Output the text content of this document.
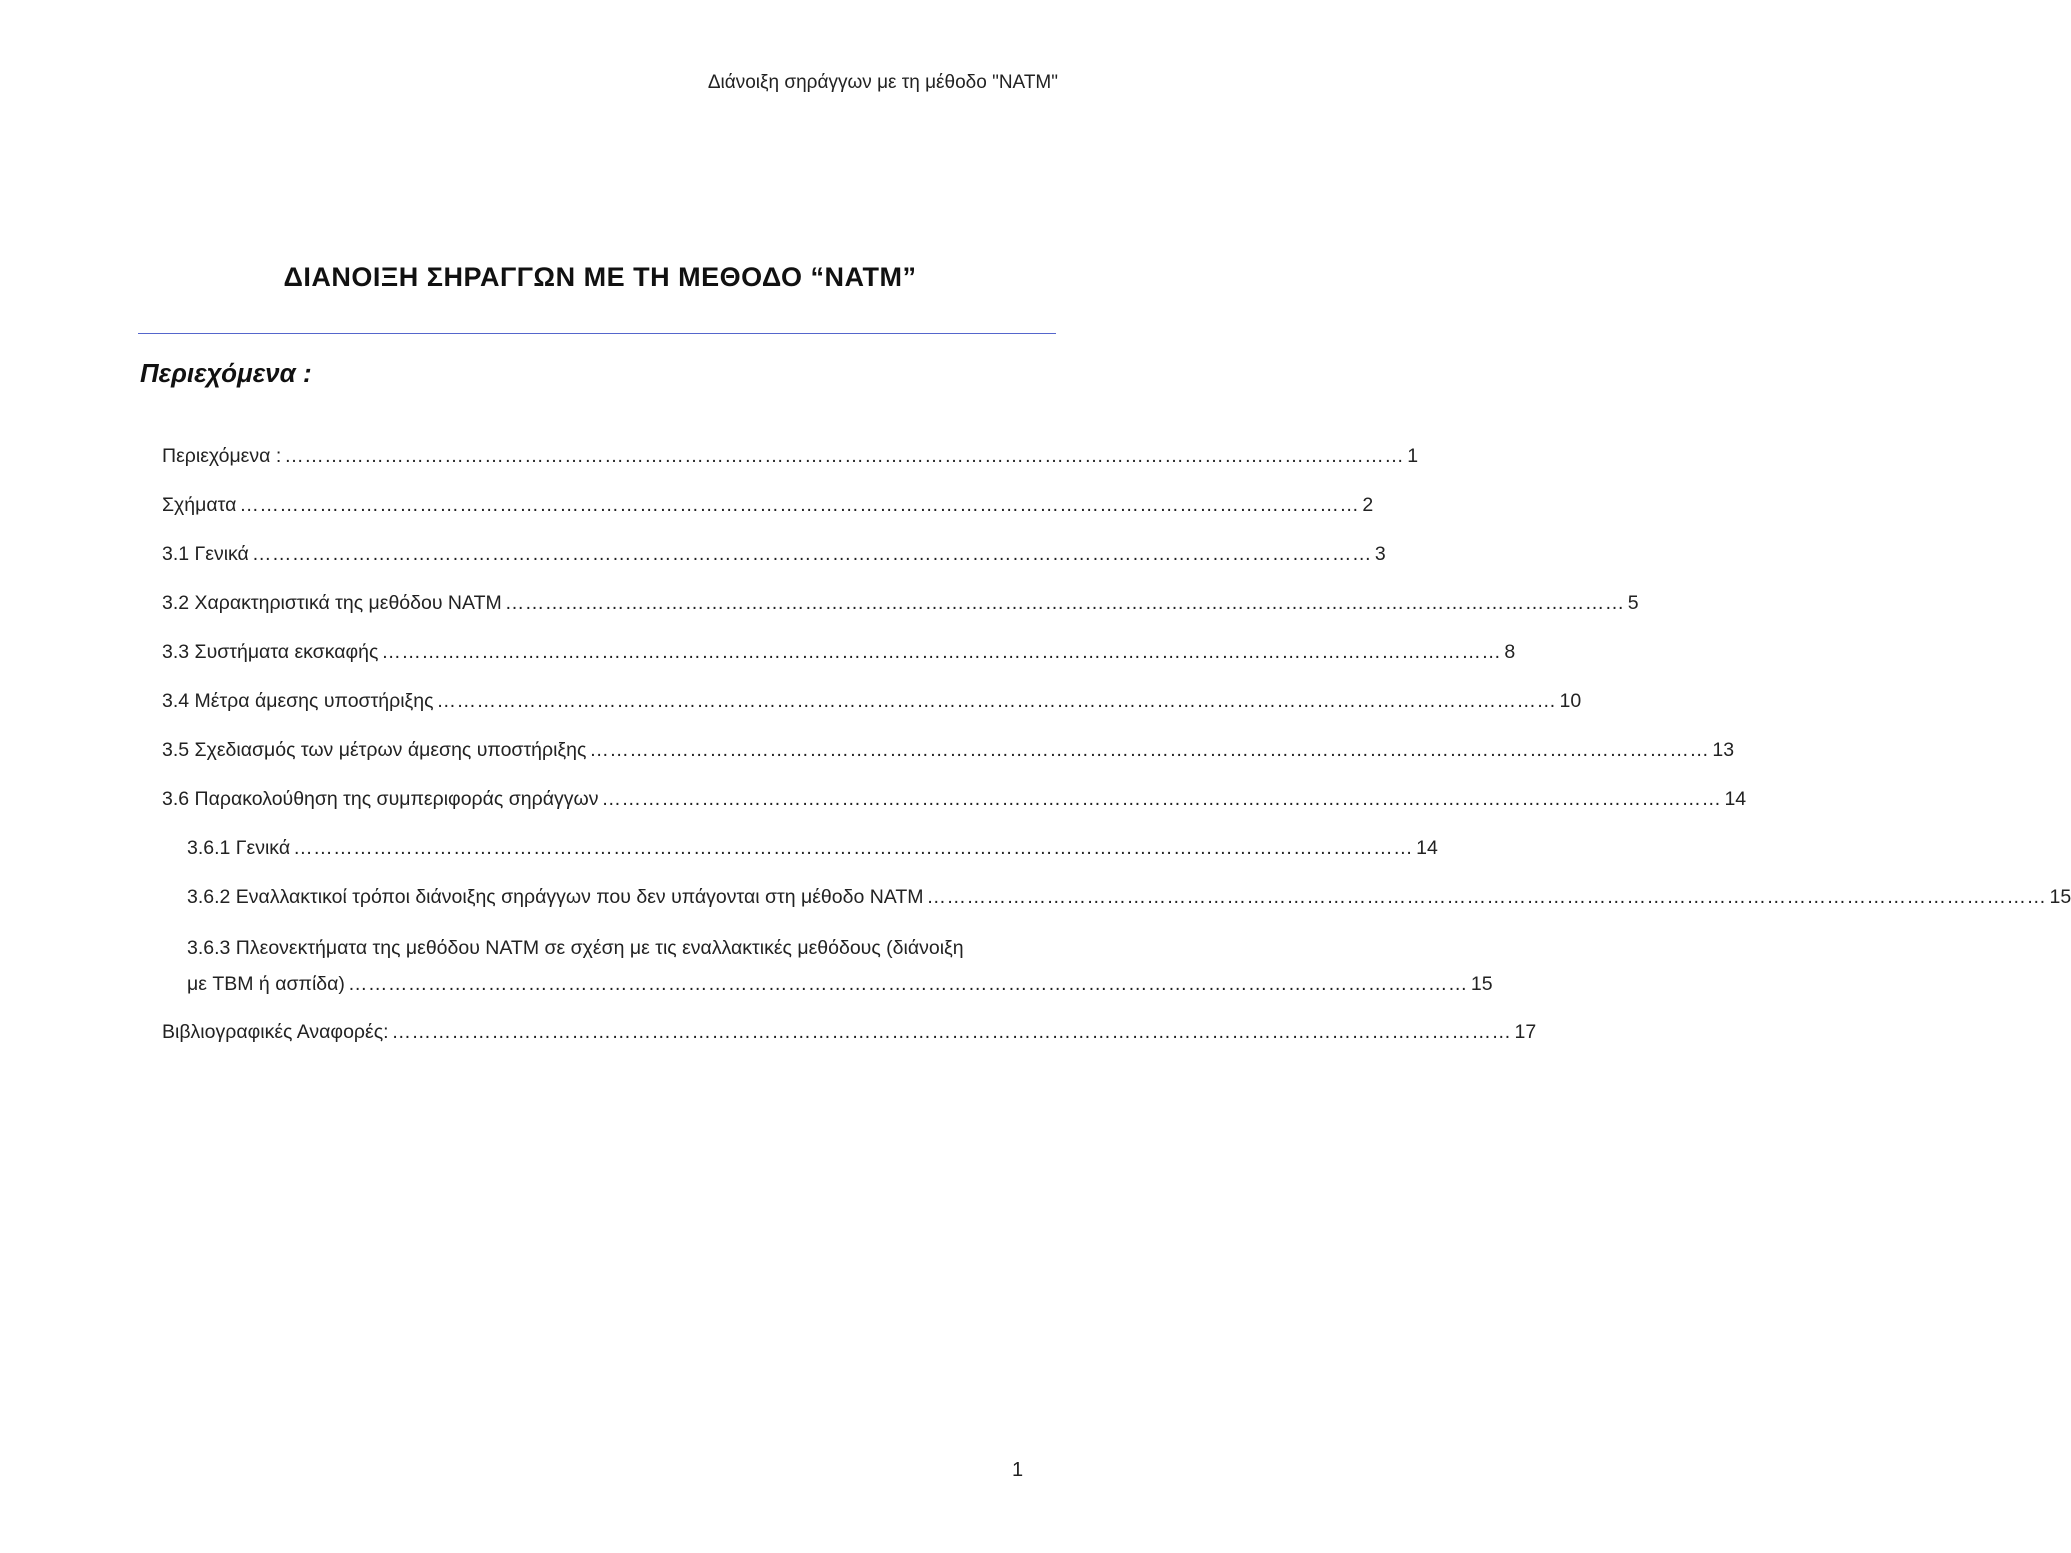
Διάνοιξη σηράγγων με τη μέθοδο "NATM"
ΔΙΑΝΟΙΞΗ ΣΗΡΑΓΓΩΝ ΜΕ ΤΗ ΜΕΘΟΔΟ “NATM”
Περιεχόμενα :
Περιεχόμενα : …………………………………………………………………………………………………………………………………………………… 1
Σχήματα …………………………………………………………………………………………………………………………………………………… 2
3.1 Γενικά …………………………………………………………………………………………………………………………………………………… 3
3.2 Χαρακτηριστικά της μεθόδου NATM …………………………………………………………………………………………………………………………………………………… 5
3.3 Συστήματα εκσκαφής …………………………………………………………………………………………………………………………………………………… 8
3.4 Μέτρα άμεσης υποστήριξης …………………………………………………………………………………………………………………………………………………… 10
3.5 Σχεδιασμός των μέτρων άμεσης υποστήριξης …………………………………………………………………………………………………………………………………………………… 13
3.6 Παρακολούθηση της συμπεριφοράς σηράγγων …………………………………………………………………………………………………………………………………………………… 14
3.6.1 Γενικά …………………………………………………………………………………………………………………………………………………… 14
3.6.2 Εναλλακτικοί τρόποι διάνοιξης σηράγγων που δεν υπάγονται στη μέθοδο NATM …………………………………………………………………………………………………………………………………………………… 15
3.6.3 Πλεονεκτήματα της μεθόδου NATM σε σχέση με τις εναλλακτικές μεθόδους (διάνοιξη
με TBM ή ασπίδα) …………………………………………………………………………………………………………………………………………………… 15
Βιβλιογραφικές Αναφορές: …………………………………………………………………………………………………………………………………………………… 17
1
